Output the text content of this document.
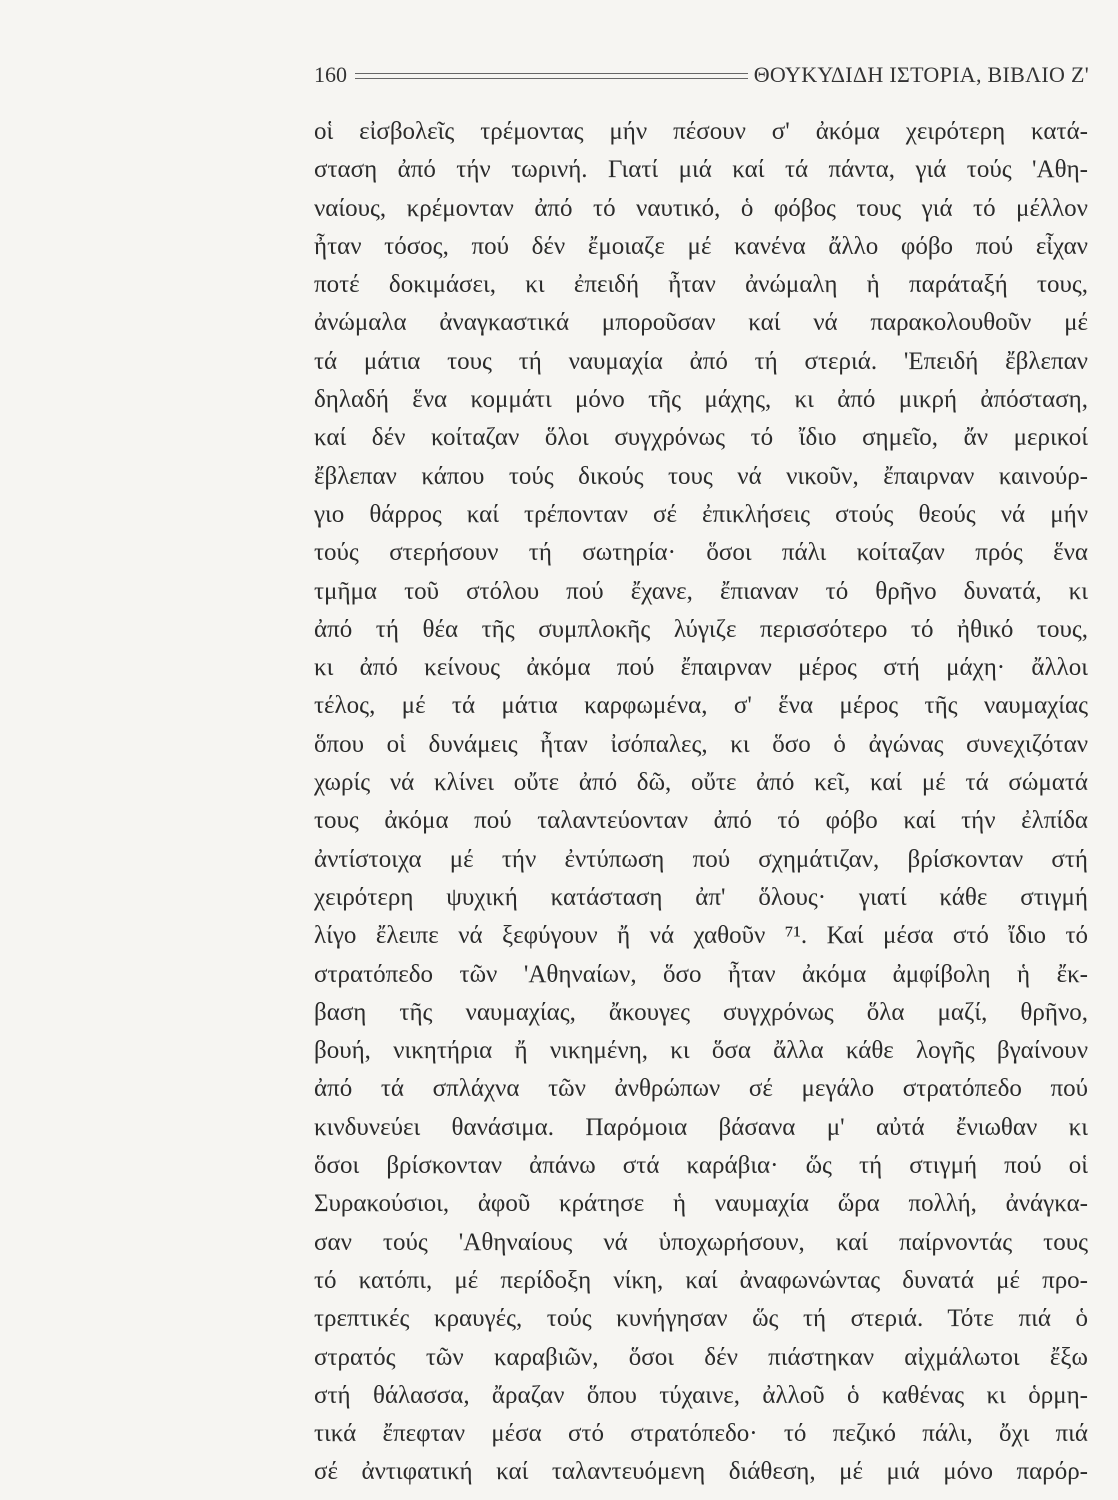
160	ΘΟΥΚΥΔΙΔΗ ΙΣΤΟΡΙΑ, ΒΙΒΛΙΟ Ζ'
οἱ εἰσβολεῖς τρέμοντας μήν πέσουν σ' ἀκόμα χειρότερη κατά-
σταση ἀπό τήν τωρινή. Γιατί μιά καί τά πάντα, γιά τούς 'Αθη-
ναίους, κρέμονταν ἀπό τό ναυτικό, ὁ φόβος τους γιά τό μέλλον
ἦταν τόσος, πού δέν ἔμοιαζε μέ κανένα ἄλλο φόβο πού εἶχαν
ποτέ δοκιμάσει, κι ἐπειδή ἦταν ἀνώμαλη ἡ παράταξή τους,
ἀνώμαλα ἀναγκαστικά μποροῦσαν καί νά παρακολουθοῦν μέ
τά μάτια τους τή ναυμαχία ἀπό τή στεριά. 'Επειδή ἔβλεπαν
δηλαδή ἕνα κομμάτι μόνο τῆς μάχης, κι ἀπό μικρή ἀπόσταση,
καί δέν κοίταζαν ὅλοι συγχρόνως τό ἴδιο σημεῖο, ἄν μερικοί
ἔβλεπαν κάπου τούς δικούς τους νά νικοῦν, ἔπαιρναν καινούρ-
γιο θάρρος καί τρέπονταν σέ ἐπικλήσεις στούς θεούς νά μήν
τούς στερήσουν τή σωτηρία· ὅσοι πάλι κοίταζαν πρός ἕνα
τμῆμα τοῦ στόλου πού ἔχανε, ἔπιαναν τό θρῆνο δυνατά, κι
ἀπό τή θέα τῆς συμπλοκῆς λύγιζε περισσότερο τό ἠθικό τους,
κι ἀπό κείνους ἀκόμα πού ἔπαιρναν μέρος στή μάχη· ἄλλοι
τέλος, μέ τά μάτια καρφωμένα, σ' ἕνα μέρος τῆς ναυμαχίας
ὅπου οἱ δυνάμεις ἦταν ἰσόπαλες, κι ὅσο ὁ ἀγώνας συνεχιζόταν
χωρίς νά κλίνει οὔτε ἀπό δῶ, οὔτε ἀπό κεῖ, καί μέ τά σώματά
τους ἀκόμα πού ταλαντεύονταν ἀπό τό φόβο καί τήν ἐλπίδα
ἀντίστοιχα μέ τήν ἐντύπωση πού σχημάτιζαν, βρίσκονταν στή
χειρότερη ψυχική κατάσταση ἀπ' ὅλους· γιατί κάθε στιγμή
λίγο ἔλειπε νά ξεφύγουν ἤ νά χαθοῦν ⁷¹. Καί μέσα στό ἴδιο τό
στρατόπεδο τῶν 'Αθηναίων, ὅσο ἦταν ἀκόμα ἀμφίβολη ἡ ἔκ-
βαση τῆς ναυμαχίας, ἄκουγες συγχρόνως ὅλα μαζί, θρῆνο,
βουή, νικητήρια ἤ νικημένη, κι ὅσα ἄλλα κάθε λογῆς βγαίνουν
ἀπό τά σπλάχνα τῶν ἀνθρώπων σέ μεγάλο στρατόπεδο πού
κινδυνεύει θανάσιμα. Παρόμοια βάσανα μ' αὐτά ἔνιωθαν κι
ὅσοι βρίσκονταν ἀπάνω στά καράβια· ὥς τή στιγμή πού οἱ
Συρακούσιοι, ἀφοῦ κράτησε ἡ ναυμαχία ὥρα πολλή, ἀνάγκα-
σαν τούς 'Αθηναίους νά ὑποχωρήσουν, καί παίρνοντάς τους
τό κατόπι, μέ περίδοξη νίκη, καί ἀναφωνώντας δυνατά μέ προ-
τρεπτικές κραυγές, τούς κυνήγησαν ὥς τή στεριά. Τότε πιά ὁ
στρατός τῶν καραβιῶν, ὅσοι δέν πιάστηκαν αἰχμάλωτοι ἔξω
στή θάλασσα, ἄραζαν ὅπου τύχαινε, ἀλλοῦ ὁ καθένας κι ὁρμη-
τικά ἔπεφταν μέσα στό στρατόπεδο· τό πεζικό πάλι, ὄχι πιά
σέ ἀντιφατική καί ταλαντευόμενη διάθεση, μέ μιά μόνο παρόρ-
